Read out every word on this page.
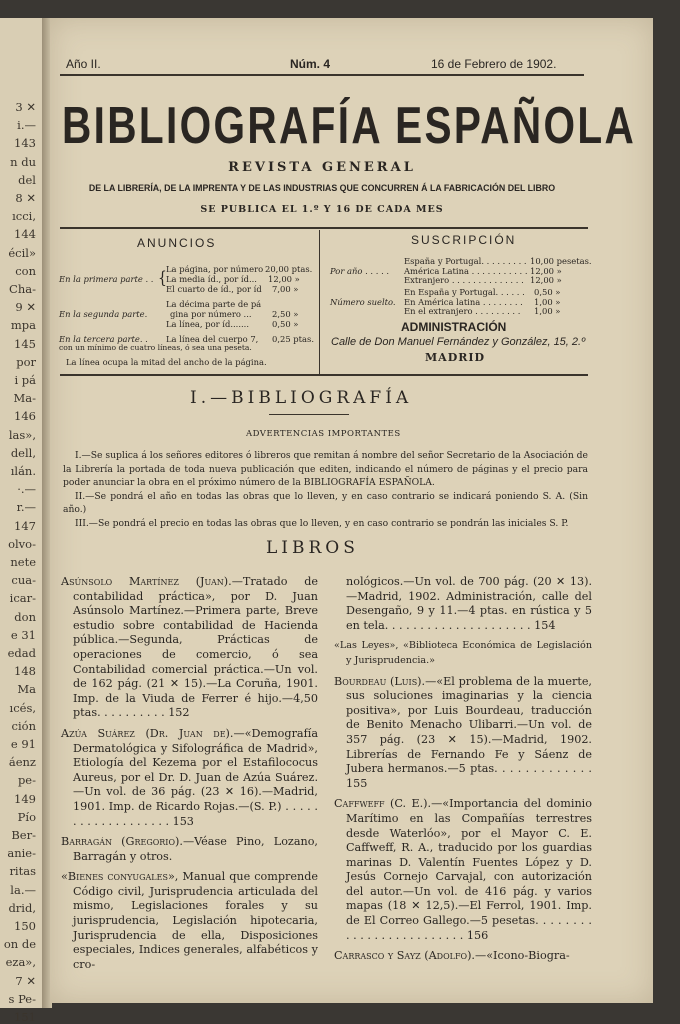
3 ✕
i.—
143
n du
del
8 ✕
ıcci,
144
écil»
con
Cha-
9 ✕
mpa
145
por
i pá
Ma-
146
las»,
dell,
ılán.
·.—
r.—
147
olvo-
nete
cua-
icar-
don
e 31
edad
148
Ma
ıcés,
ción
e 91
áenz
pe-
149
Pío
Ber-
anie-
ritas
la.—
drid,
150
on de
eza»,
7 ✕
s Pe-
151
Año II.	Núm. 4	16 de Febrero de 1902.
BIBLIOGRAFÍA ESPAÑOLA
REVISTA GENERAL
DE LA LIBRERÍA, DE LA IMPRENTA Y DE LAS INDUSTRIAS QUE CONCURREN Á LA FABRICACIÓN DEL LIBRO
SE PUBLICA EL 1.º Y 16 DE CADA MES
ANUNCIOS
En la primera parte . . { La página, por número
La media íd., por íd...
El cuarto de íd., por íd
20,00 ptas.
12,00 »
7,00 »
En la segunda parte.
La décima parte de pá
gina por número ...
La línea, por íd.......
2,50 »
0,50 »
En la tercera parte. . La línea del cuerpo 7, 0,25 ptas.
con un mínimo de cuatro líneas, ó sea una peseta.
La línea ocupa la mitad del ancho de la página.
SUSCRIPCIÓN
Por año . . . . .
España y Portugal. . . . . . . . .
América Latina . . . . . . . . . . .
Extranjero . . . . . . . . . . . . . .
10,00 pesetas.
12,00 »
12,00 »
Número suelto.
En España y Portugal. . . . . .
En América latina . . . . . . . .
En el extranjero . . . . . . . . .
0,50 »
1,00 »
1,00 »
ADMINISTRACIÓN
Calle de Don Manuel Fernández y González, 15, 2.º
MADRID
I.—BIBLIOGRAFÍA
ADVERTENCIAS IMPORTANTES

I.—Se suplica á los señores editores ó libreros que remitan á nombre del señor Secretario de la Asociación de la Librería la portada de toda nueva publicación que editen, indicando el número de páginas y el precio para poder anunciar la obra en el próximo número de la BIBLIOGRAFÍA ESPAÑOLA.

II.—Se pondrá el año en todas las obras que lo lleven, y en caso contrario se indicará poniendo S. A. (Sin año.)

III.—Se pondrá el precio en todas las obras que lo lleven, y en caso contrario se pondrán las iniciales S. P.

LIBROS

Asúnsolo Martínez (Juan).—Tratado de contabilidad práctica», por D. Juan Asúnsolo Martínez.—Primera parte, Breve estudio sobre contabilidad de Hacienda pública.—Segunda, Prácticas de operaciones de comercio, ó sea Contabilidad comercial práctica.—Un vol. de 162 pág. (21 ✕ 15).—La Coruña, 1901. Imp. de la Viuda de Ferrer é hijo.—4,50 ptas. . . . . . . . . . 152

Azúa Suárez (Dr. Juan de).—«Demografía Dermatológica y Sifolográfica de Madrid», Etiología del Kezema por el Estafilococus Aureus, por el Dr. D. Juan de Azúa Suárez.—Un vol. de 36 pág. (23 ✕ 16).—Madrid, 1901. Imp. de Ricardo Rojas.—(S. P.) . . . . . . . . . . . . . . . . . . . 153

Barragán (Gregorio).—Véase Pino, Lozano, Barragán y otros.

«Bienes conyugales», Manual que comprende Código civil, Jurisprudencia articulada del mismo, Legislaciones forales y su jurisprudencia, Legislación hipotecaria, Jurisprudencia de ella, Disposiciones especiales, Indices generales, alfabéticos y cro-

nológicos.—Un vol. de 700 pág. (20 ✕ 13).—Madrid, 1902. Administración, calle del Desengaño, 9 y 11.—4 ptas. en rústica y 5 en tela. . . . . . . . . . . . . . . . . . . . . 154

«Las Leyes», «Biblioteca Económica de Legislación y Jurisprudencia.»

Bourdeau (Luis).—«El problema de la muerte, sus soluciones imaginarias y la ciencia positiva», por Luis Bourdeau, traducción de Benito Menacho Ulibarri.—Un vol. de 357 pág. (23 ✕ 15).—Madrid, 1902. Librerías de Fernando Fe y Sáenz de Jubera hermanos.—5 ptas. . . . . . . . . . . . . 155

Caffweff (C. E.).—«Importancia del dominio Marítimo en las Compañías terrestres desde Waterlóo», por el Mayor C. E. Caffweff, R. A., traducido por los guardias marinas D. Valentín Fuentes López y D. Jesús Cornejo Carvajal, con autorización del autor.—Un vol. de 416 pág. y varios mapas (18 ✕ 12,5).—El Ferrol, 1901. Imp. de El Correo Gallego.—5 pesetas. . . . . . . . . . . . . . . . . . . . . . . . . 156

Carrasco y Sayz (Adolfo).—«Icono-Biogra-
